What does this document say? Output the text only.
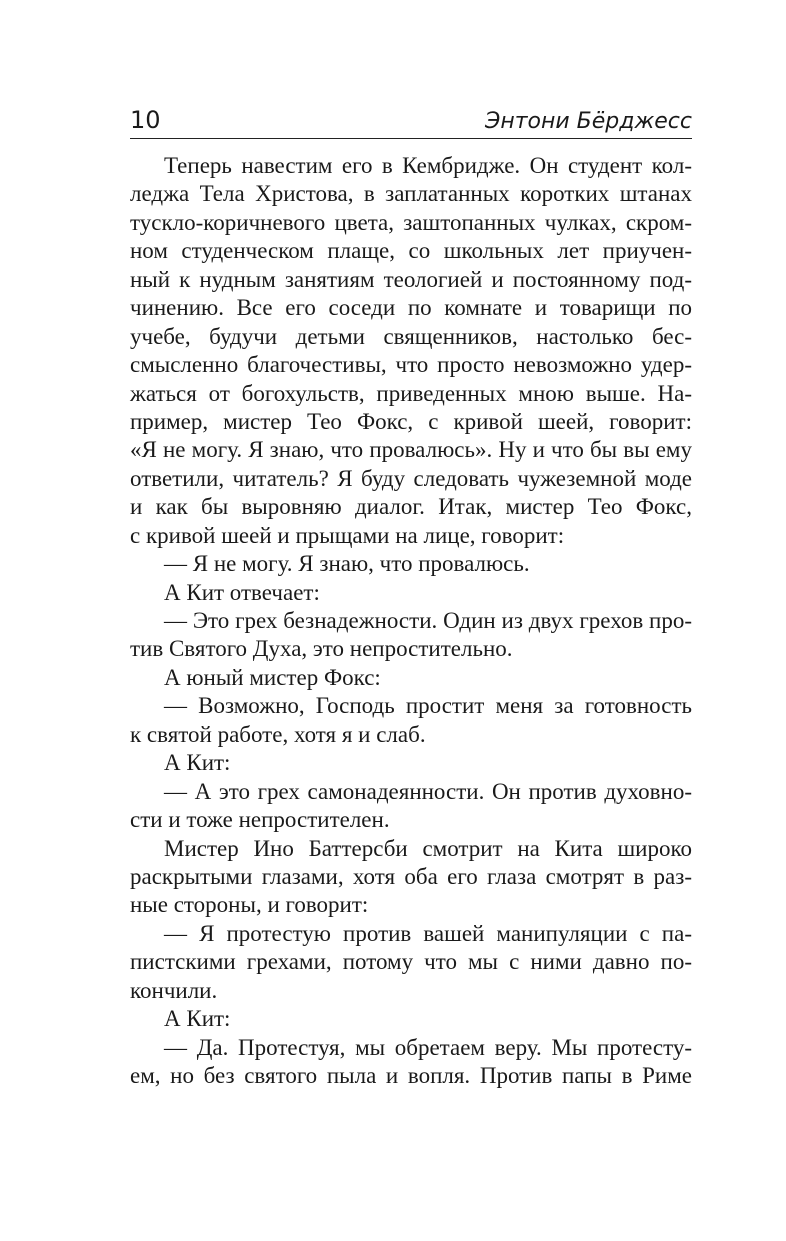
10	Энтони Бёрджесс
Теперь навестим его в Кембридже. Он студент кол-
леджа Тела Христова, в заплатанных коротких штанах
тускло-коричневого цвета, заштопанных чулках, скром-
ном студенческом плаще, со школьных лет приучен-
ный к нудным занятиям теологией и постоянному под-
чинению. Все его соседи по комнате и товарищи по
учебе, будучи детьми священников, настолько бес-
смысленно благочестивы, что просто невозможно удер-
жаться от богохульств, приведенных мною выше. На-
пример, мистер Тео Фокс, с кривой шеей, говорит:
«Я не могу. Я знаю, что провалюсь». Ну и что бы вы ему
ответили, читатель? Я буду следовать чужеземной моде
и как бы выровняю диалог. Итак, мистер Тео Фокс,
с кривой шеей и прыщами на лице, говорит:
— Я не могу. Я знаю, что провалюсь.
А Кит отвечает:
— Это грех безнадежности. Один из двух грехов про-
тив Святого Духа, это непростительно.
А юный мистер Фокс:
— Возможно, Господь простит меня за готовность
к святой работе, хотя я и слаб.
А Кит:
— А это грех самонадеянности. Он против духовно-
сти и тоже непростителен.
Мистер Ино Баттерсби смотрит на Кита широко
раскрытыми глазами, хотя оба его глаза смотрят в раз-
ные стороны, и говорит:
— Я протестую против вашей манипуляции с па-
пистскими грехами, потому что мы с ними давно по-
кончили.
А Кит:
— Да. Протестуя, мы обретаем веру. Мы протесту-
ем, но без святого пыла и вопля. Против папы в Риме
